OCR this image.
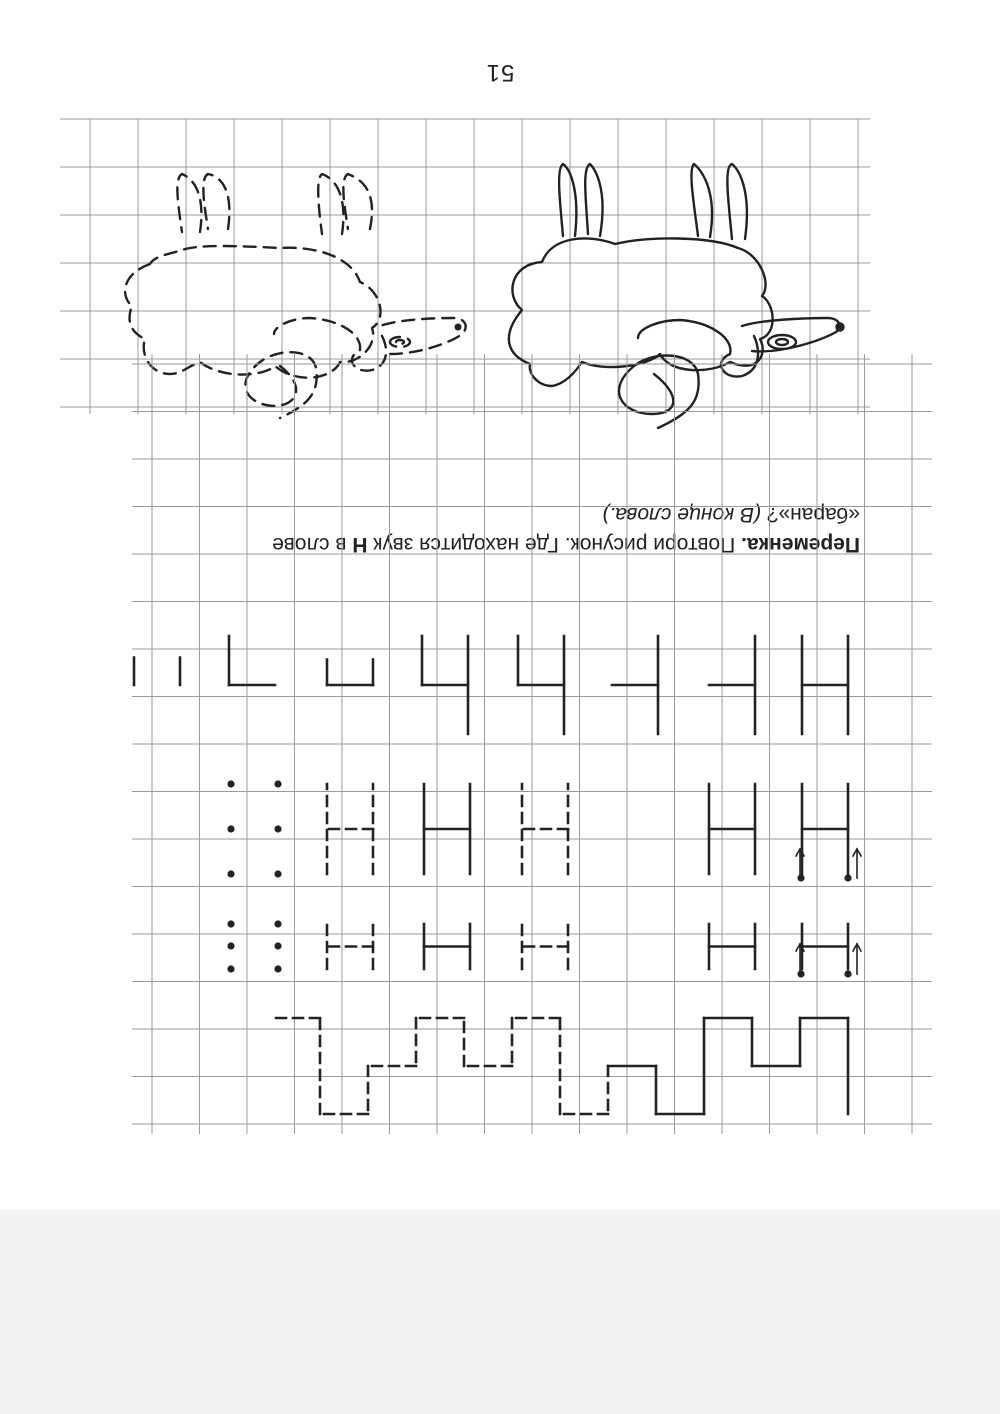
51
Переменка. Повтори рисунок. Где находится звук Н в слове
«баран»? (В конце слова.)
